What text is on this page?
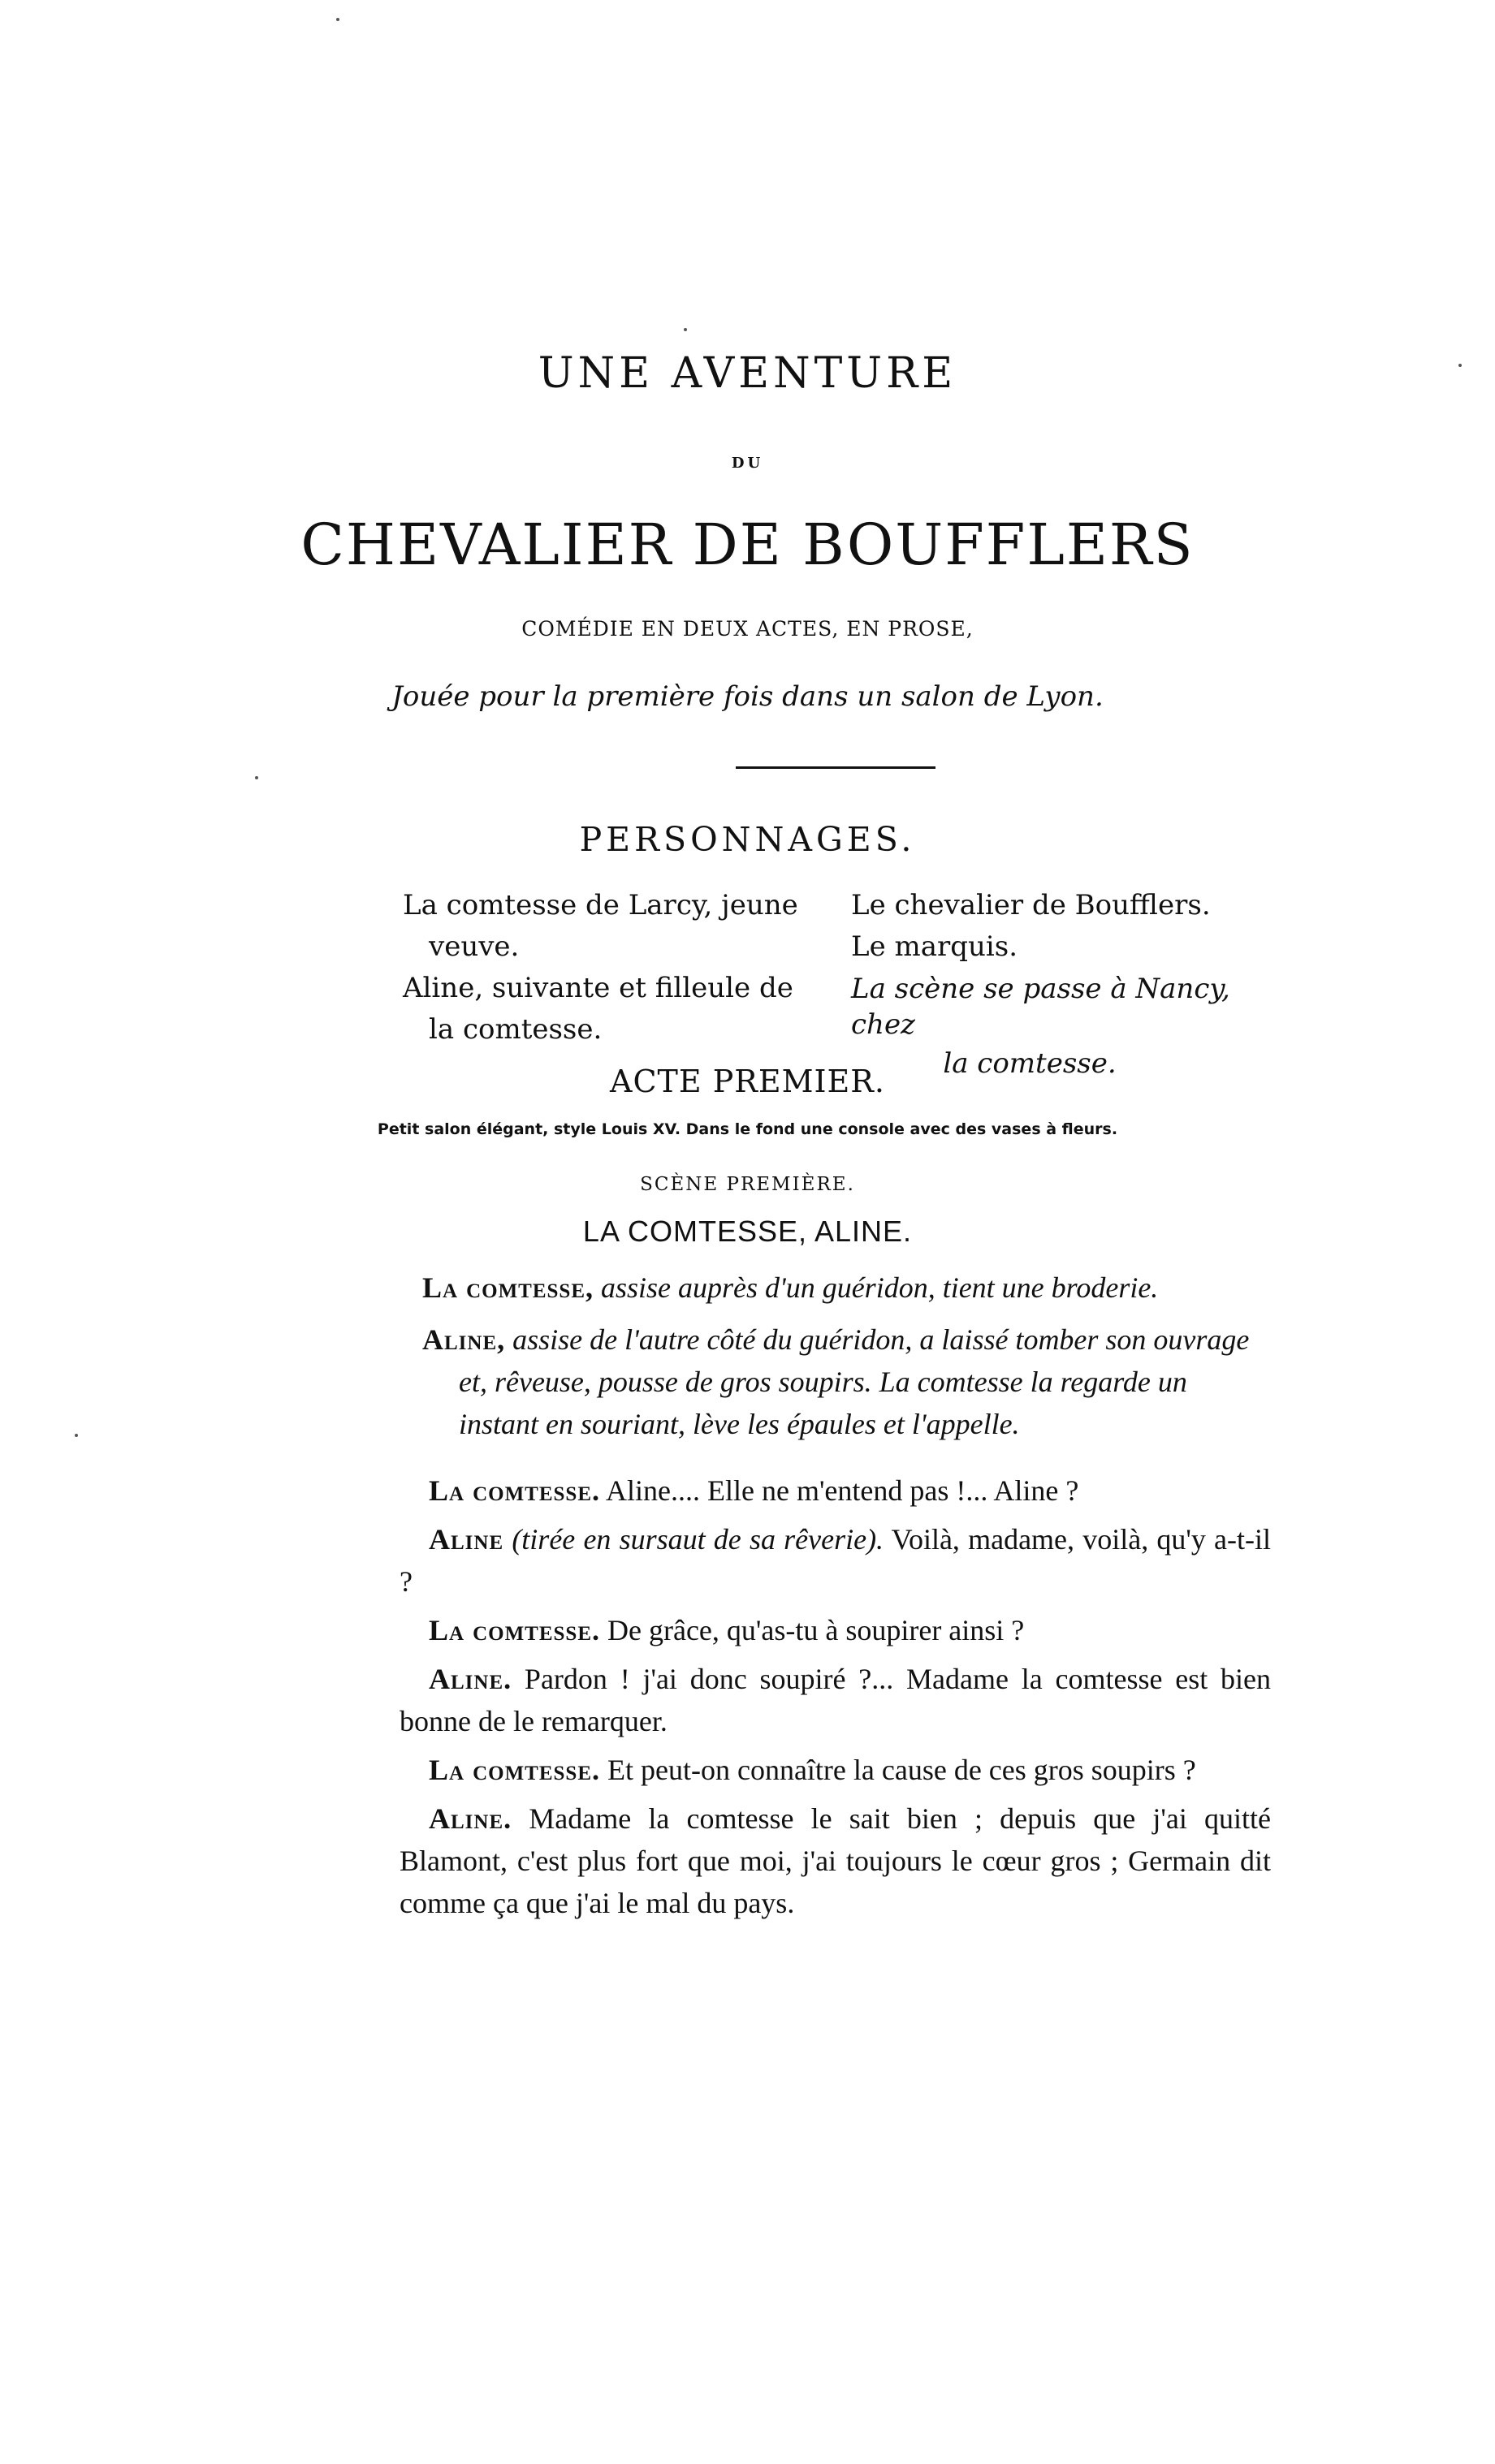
UNE AVENTURE
DU
CHEVALIER DE BOUFFLERS
COMÉDIE EN DEUX ACTES, EN PROSE,
Jouée pour la première fois dans un salon de Lyon.
PERSONNAGES.

La comtesse de Larcy, jeune veuve.

Aline, suivante et filleule de la comtesse.

Le chevalier de Boufflers.

Le marquis.

La scène se passe à Nancy, chez
la comtesse.
ACTE PREMIER.
Petit salon élégant, style Louis XV. Dans le fond une console avec des vases à fleurs.
SCÈNE PREMIÈRE.
LA COMTESSE, ALINE.

La comtesse, assise auprès d'un guéridon, tient une broderie.

Aline, assise de l'autre côté du guéridon, a laissé tomber son ouvrage et, rêveuse, pousse de gros soupirs. La comtesse la regarde un instant en souriant, lève les épaules et l'appelle.

La comtesse. Aline.... Elle ne m'entend pas !... Aline ?

Aline (tirée en sursaut de sa rêverie). Voilà, madame, voilà, qu'y a-t-il ?

La comtesse. De grâce, qu'as-tu à soupirer ainsi ?

Aline. Pardon ! j'ai donc soupiré ?... Madame la comtesse est bien bonne de le remarquer.

La comtesse. Et peut-on connaître la cause de ces gros soupirs ?

Aline. Madame la comtesse le sait bien ; depuis que j'ai quitté Blamont, c'est plus fort que moi, j'ai toujours le cœur gros ; Germain dit comme ça que j'ai le mal du pays.
